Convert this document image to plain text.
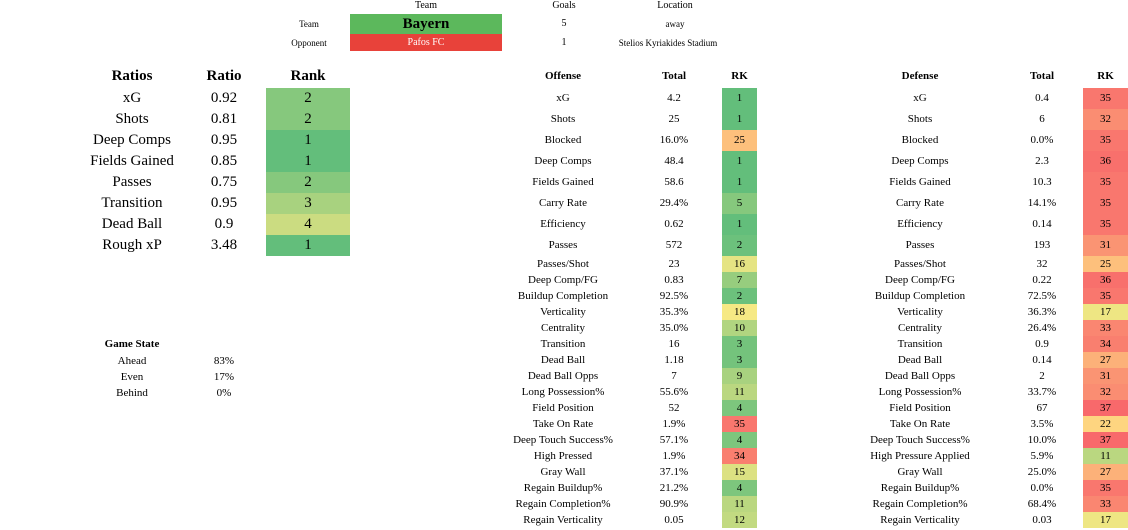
Team	Goals	Location
Team	Bayern	5	away
Opponent	Pafos FC	1	Stelios Kyriakides Stadium
Ratios	Ratio	Rank
xG	0.92	2
Shots	0.81	2
Deep Comps	0.95	1
Fields Gained	0.85	1
Passes	0.75	2
Transition	0.95	3
Dead Ball	0.9	4
Rough xP	3.48	1
Game State
Ahead	83%
Even	17%
Behind	0%
Offense	Total	RK
xG	4.2	1
Shots	25	1
Blocked	16.0%	25
Deep Comps	48.4	1
Fields Gained	58.6	1
Carry Rate	29.4%	5
Efficiency	0.62	1
Passes	572	2
Passes/Shot	23	16
Deep Comp/FG	0.83	7
Buildup Completion	92.5%	2
Verticality	35.3%	18
Centrality	35.0%	10
Transition	16	3
Dead Ball	1.18	3
Dead Ball Opps	7	9
Long Possession%	55.6%	11
Field Position	52	4
Take On Rate	1.9%	35
Deep Touch Success%	57.1%	4
High Pressed	1.9%	34
Gray Wall	37.1%	15
Regain Buildup%	21.2%	4
Regain Completion%	90.9%	11
Regain Verticality	0.05	12
Defense	Total	RK
xG	0.4	35
Shots	6	32
Blocked	0.0%	35
Deep Comps	2.3	36
Fields Gained	10.3	35
Carry Rate	14.1%	35
Efficiency	0.14	35
Passes	193	31
Passes/Shot	32	25
Deep Comp/FG	0.22	36
Buildup Completion	72.5%	35
Verticality	36.3%	17
Centrality	26.4%	33
Transition	0.9	34
Dead Ball	0.14	27
Dead Ball Opps	2	31
Long Possession%	33.7%	32
Field Position	67	37
Take On Rate	3.5%	22
Deep Touch Success%	10.0%	37
High Pressure Applied	5.9%	11
Gray Wall	25.0%	27
Regain Buildup%	0.0%	35
Regain Completion%	68.4%	33
Regain Verticality	0.03	17
